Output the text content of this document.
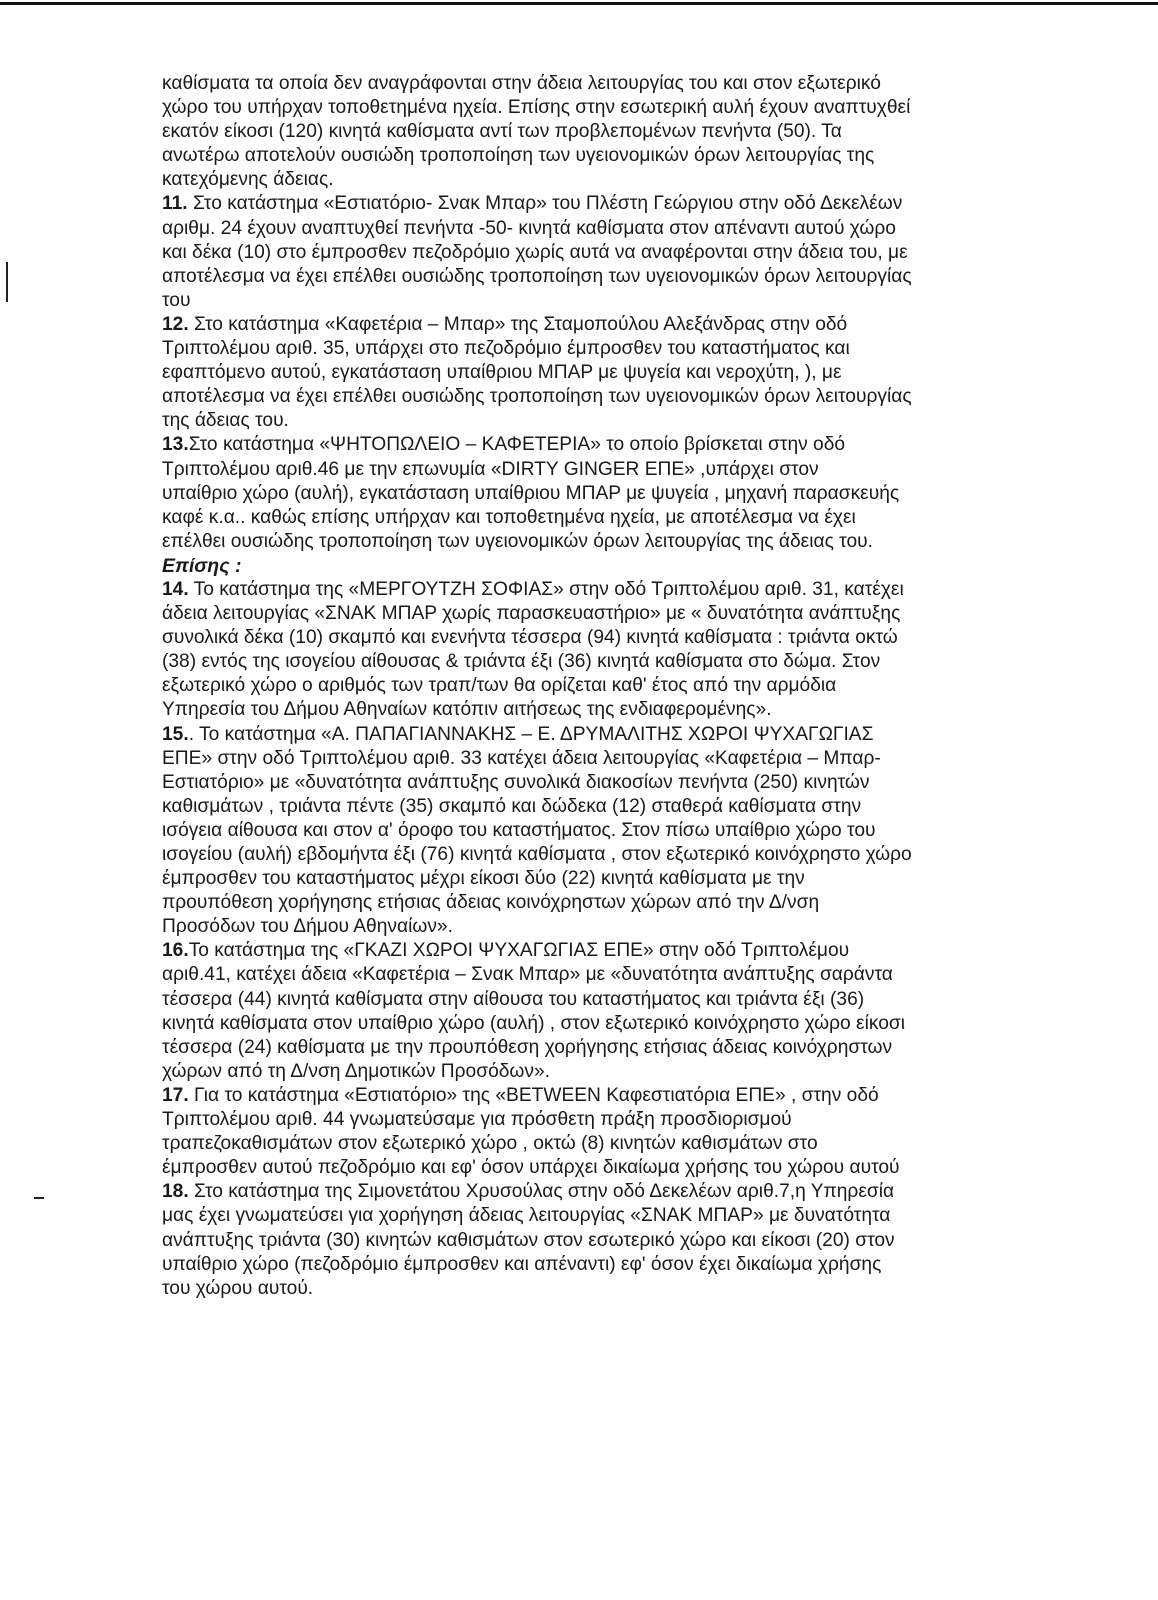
καθίσματα τα οποία δεν αναγράφονται στην άδεια λειτουργίας του και στον εξωτερικό
χώρο του υπήρχαν τοποθετημένα ηχεία. Επίσης στην εσωτερική αυλή έχουν αναπτυχθεί
εκατόν είκοσι (120) κινητά καθίσματα αντί των προβλεπομένων πενήντα (50). Τα
ανωτέρω αποτελούν ουσιώδη τροποποίηση των υγειονομικών όρων λειτουργίας της
κατεχόμενης άδειας.
11. Στο κατάστημα «Εστιατόριο- Σνακ Μπαρ» του Πλέστη Γεώργιου στην οδό Δεκελέων
αριθμ. 24 έχουν αναπτυχθεί πενήντα -50- κινητά καθίσματα στον απέναντι αυτού χώρο
και δέκα (10) στο έμπροσθεν πεζοδρόμιο χωρίς αυτά να αναφέρονται στην άδεια του, με
αποτέλεσμα να έχει επέλθει ουσιώδης τροποποίηση των υγειονομικών όρων λειτουργίας
του
12. Στο κατάστημα «Καφετέρια – Μπαρ» της Σταμοπούλου Αλεξάνδρας στην οδό
Τριπτολέμου αριθ. 35, υπάρχει στο πεζοδρόμιο έμπροσθεν του καταστήματος και
εφαπτόμενο αυτού, εγκατάσταση υπαίθριου ΜΠΑΡ με ψυγεία και νεροχύτη, ), με
αποτέλεσμα να έχει επέλθει ουσιώδης τροποποίηση των υγειονομικών όρων λειτουργίας
της άδειας του.
13.Στο κατάστημα «ΨΗΤΟΠΩΛΕΙΟ – ΚΑΦΕΤΕΡΙΑ» το οποίο βρίσκεται στην οδό
Τριπτολέμου αριθ.46 με την επωνυμία «DIRTY GINGER ΕΠΕ» ,υπάρχει στον
υπαίθριο χώρο (αυλή), εγκατάσταση υπαίθριου ΜΠΑΡ με ψυγεία , μηχανή παρασκευής
καφέ κ.α.. καθώς επίσης υπήρχαν και τοποθετημένα ηχεία, με αποτέλεσμα να έχει
επέλθει ουσιώδης τροποποίηση των υγειονομικών όρων λειτουργίας της άδειας του.
Επίσης :
14. Το κατάστημα της «ΜΕΡΓΟΥΤΖΗ ΣΟΦΙΑΣ» στην οδό Τριπτολέμου αριθ. 31, κατέχει
άδεια λειτουργίας «ΣΝΑΚ ΜΠΑΡ χωρίς παρασκευαστήριο» με « δυνατότητα ανάπτυξης
συνολικά δέκα (10) σκαμπό και ενενήντα τέσσερα (94) κινητά καθίσματα : τριάντα οκτώ
(38) εντός της ισογείου αίθουσας & τριάντα έξι (36) κινητά καθίσματα στο δώμα. Στον
εξωτερικό χώρο ο αριθμός των τραπ/των θα ορίζεται καθ' έτος από την αρμόδια
Υπηρεσία του Δήμου Αθηναίων κατόπιν αιτήσεως της ενδιαφερομένης».
15.. Το κατάστημα «Α. ΠΑΠΑΓΙΑΝΝΑΚΗΣ – Ε. ΔΡΥΜΑΛΙΤΗΣ ΧΩΡΟΙ ΨΥΧΑΓΩΓΙΑΣ
ΕΠΕ» στην οδό Τριπτολέμου αριθ. 33 κατέχει άδεια λειτουργίας «Καφετέρια – Μπαρ-
Εστιατόριο» με «δυνατότητα ανάπτυξης συνολικά διακοσίων πενήντα (250) κινητών
καθισμάτων , τριάντα πέντε (35) σκαμπό και δώδεκα (12) σταθερά καθίσματα στην
ισόγεια αίθουσα και στον α' όροφο του καταστήματος. Στον πίσω υπαίθριο χώρο του
ισογείου (αυλή) εβδομήντα έξι (76) κινητά καθίσματα , στον εξωτερικό κοινόχρηστο χώρο
έμπροσθεν του καταστήματος μέχρι είκοσι δύο (22) κινητά καθίσματα με την
προυπόθεση χορήγησης ετήσιας άδειας κοινόχρηστων χώρων από την Δ/νση
Προσόδων του Δήμου Αθηναίων».
16.Το κατάστημα της «ΓΚΑΖΙ ΧΩΡΟΙ ΨΥΧΑΓΩΓΙΑΣ ΕΠΕ» στην οδό Τριπτολέμου
αριθ.41, κατέχει άδεια «Καφετέρια – Σνακ Μπαρ» με «δυνατότητα ανάπτυξης σαράντα
τέσσερα (44) κινητά καθίσματα στην αίθουσα του καταστήματος και τριάντα έξι (36)
κινητά καθίσματα στον υπαίθριο χώρο (αυλή) , στον εξωτερικό κοινόχρηστο χώρο είκοσι
τέσσερα (24) καθίσματα με την προυπόθεση χορήγησης ετήσιας άδειας κοινόχρηστων
χώρων από τη Δ/νση Δημοτικών Προσόδων».
17. Για το κατάστημα «Εστιατόριο» της «BETWEEN Καφεστιατόρια ΕΠΕ» , στην οδό
Τριπτολέμου αριθ. 44 γνωματεύσαμε για πρόσθετη πράξη προσδιορισμού
τραπεζοκαθισμάτων στον εξωτερικό χώρο , οκτώ (8) κινητών καθισμάτων στο
έμπροσθεν αυτού πεζοδρόμιο και εφ' όσον υπάρχει δικαίωμα χρήσης του χώρου αυτού
18. Στο κατάστημα της Σιμονετάτου Χρυσούλας στην οδό Δεκελέων αριθ.7,η Υπηρεσία
μας έχει γνωματεύσει για χορήγηση άδειας λειτουργίας «ΣΝΑΚ ΜΠΑΡ» με δυνατότητα
ανάπτυξης τριάντα (30) κινητών καθισμάτων στον εσωτερικό χώρο και είκοσι (20) στον
υπαίθριο χώρο (πεζοδρόμιο έμπροσθεν και απέναντι) εφ' όσον έχει δικαίωμα χρήσης
του χώρου αυτού.
